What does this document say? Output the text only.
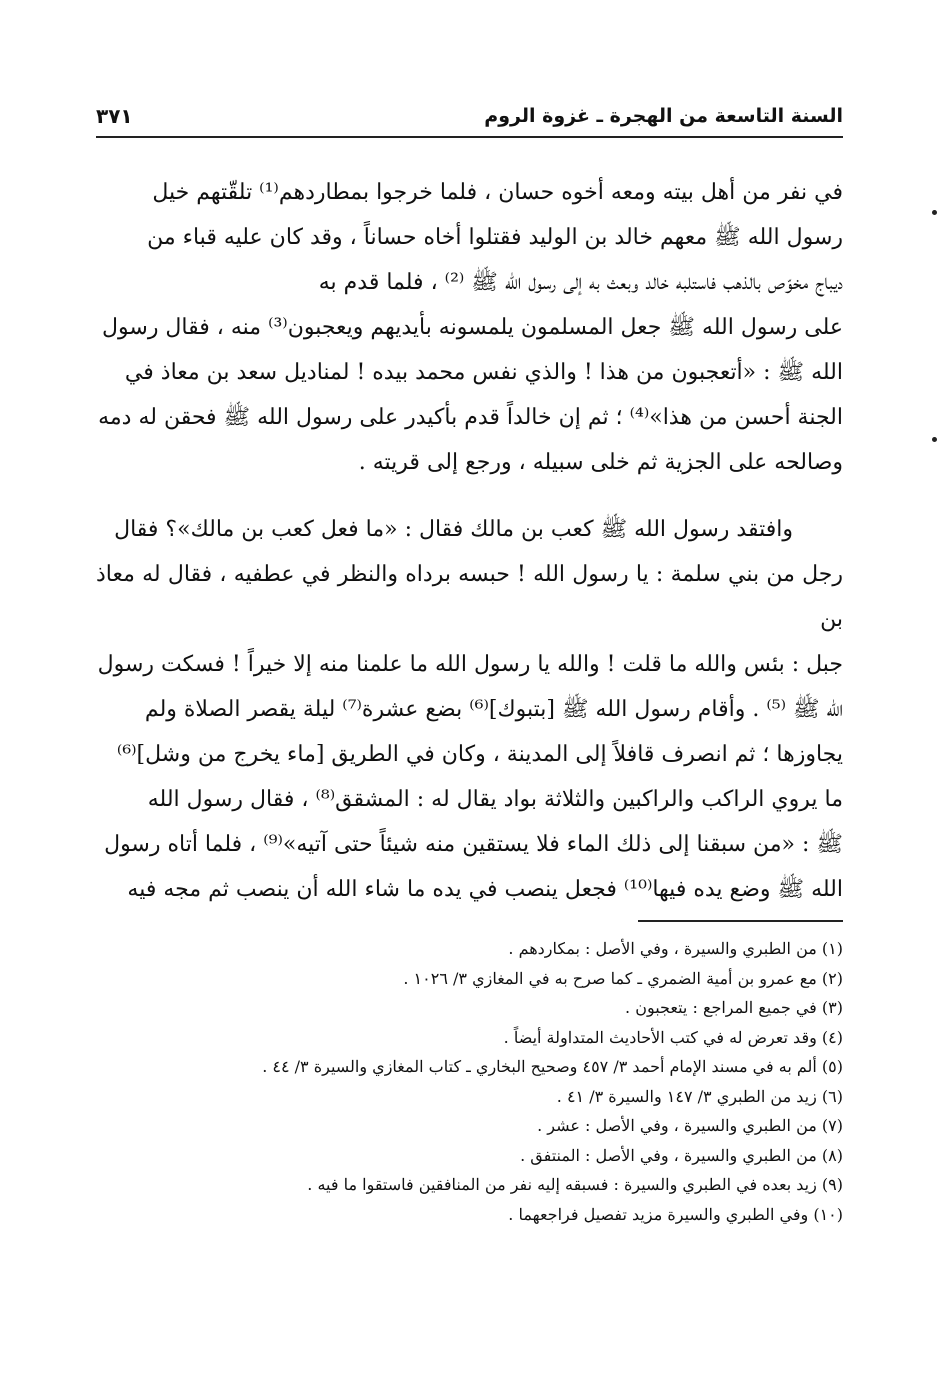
السنة التاسعة من الهجرة ـ غزوة الروم
٣٧١

في نفر من أهل بيته ومعه أخوه حسان ، فلما خرجوا بمطاردهم⁽¹⁾ تلقّتهم خيل

رسول الله ﷺ معهم خالد بن الوليد فقتلوا أخاه حساناً ، وقد كان عليه قباء من

ديباج مخوّص بالذهب فاستلبه خالد وبعث به إلى رسول الله ﷺ ⁽²⁾ ، فلما قدم به

على رسول الله ﷺ جعل المسلمون يلمسونه بأيديهم ويعجبون⁽³⁾ منه ، فقال رسول

الله ﷺ : «أتعجبون من هذا ! والذي نفس محمد بيده ! لمناديل سعد بن معاذ في

الجنة أحسن من هذا»⁽⁴⁾ ؛ ثم إن خالداً قدم بأكيدر على رسول الله ﷺ فحقن له دمه

وصالحه على الجزية ثم خلى سبيله ، ورجع إلى قريته .

وافتقد رسول الله ﷺ كعب بن مالك فقال : «ما فعل كعب بن مالك»؟ فقال

رجل من بني سلمة : يا رسول الله ! حبسه برداه والنظر في عطفيه ، فقال له معاذ بن

جبل : بئس والله ما قلت ! والله يا رسول الله ما علمنا منه إلا خيراً ! فسكت رسول

الله ﷺ ⁽⁵⁾ . وأقام رسول الله ﷺ [بتبوك]⁽⁶⁾ بضع عشرة⁽⁷⁾ ليلة يقصر الصلاة ولم

يجاوزها ؛ ثم انصرف قافلاً إلى المدينة ، وكان في الطريق [ماء يخرج من وشل]⁽⁶⁾

ما يروي الراكب والراكبين والثلاثة بواد يقال له : المشقق⁽⁸⁾ ، فقال رسول الله

ﷺ : «من سبقنا إلى ذلك الماء فلا يستقين منه شيئاً حتى آتيه»⁽⁹⁾ ، فلما أتاه رسول

الله ﷺ وضع يده فيها⁽¹⁰⁾ فجعل ينصب في يده ما شاء الله أن ينصب ثم مجه فيه

(١) من الطبري والسيرة ، وفي الأصل : بمكاردهم .
(٢) مع عمرو بن أمية الضمري ـ كما صرح به في المغازي ٣/ ١٠٢٦ .
(٣) في جميع المراجع : يتعجبون .
(٤) وقد تعرض له في كتب الأحاديث المتداولة أيضاً .
(٥) ألم به في مسند الإمام أحمد ٣/ ٤٥٧ وصحيح البخاري ـ كتاب المغازي والسيرة ٣/ ٤٤ .
(٦) زيد من الطبري ٣/ ١٤٧ والسيرة ٣/ ٤١ .
(٧) من الطبري والسيرة ، وفي الأصل : عشر .
(٨) من الطبري والسيرة ، وفي الأصل : المنتفق .
(٩) زيد بعده في الطبري والسيرة : فسبقه إليه نفر من المنافقين فاستقوا ما فيه .
(١٠) وفي الطبري والسيرة مزيد تفصيل فراجعهما .
